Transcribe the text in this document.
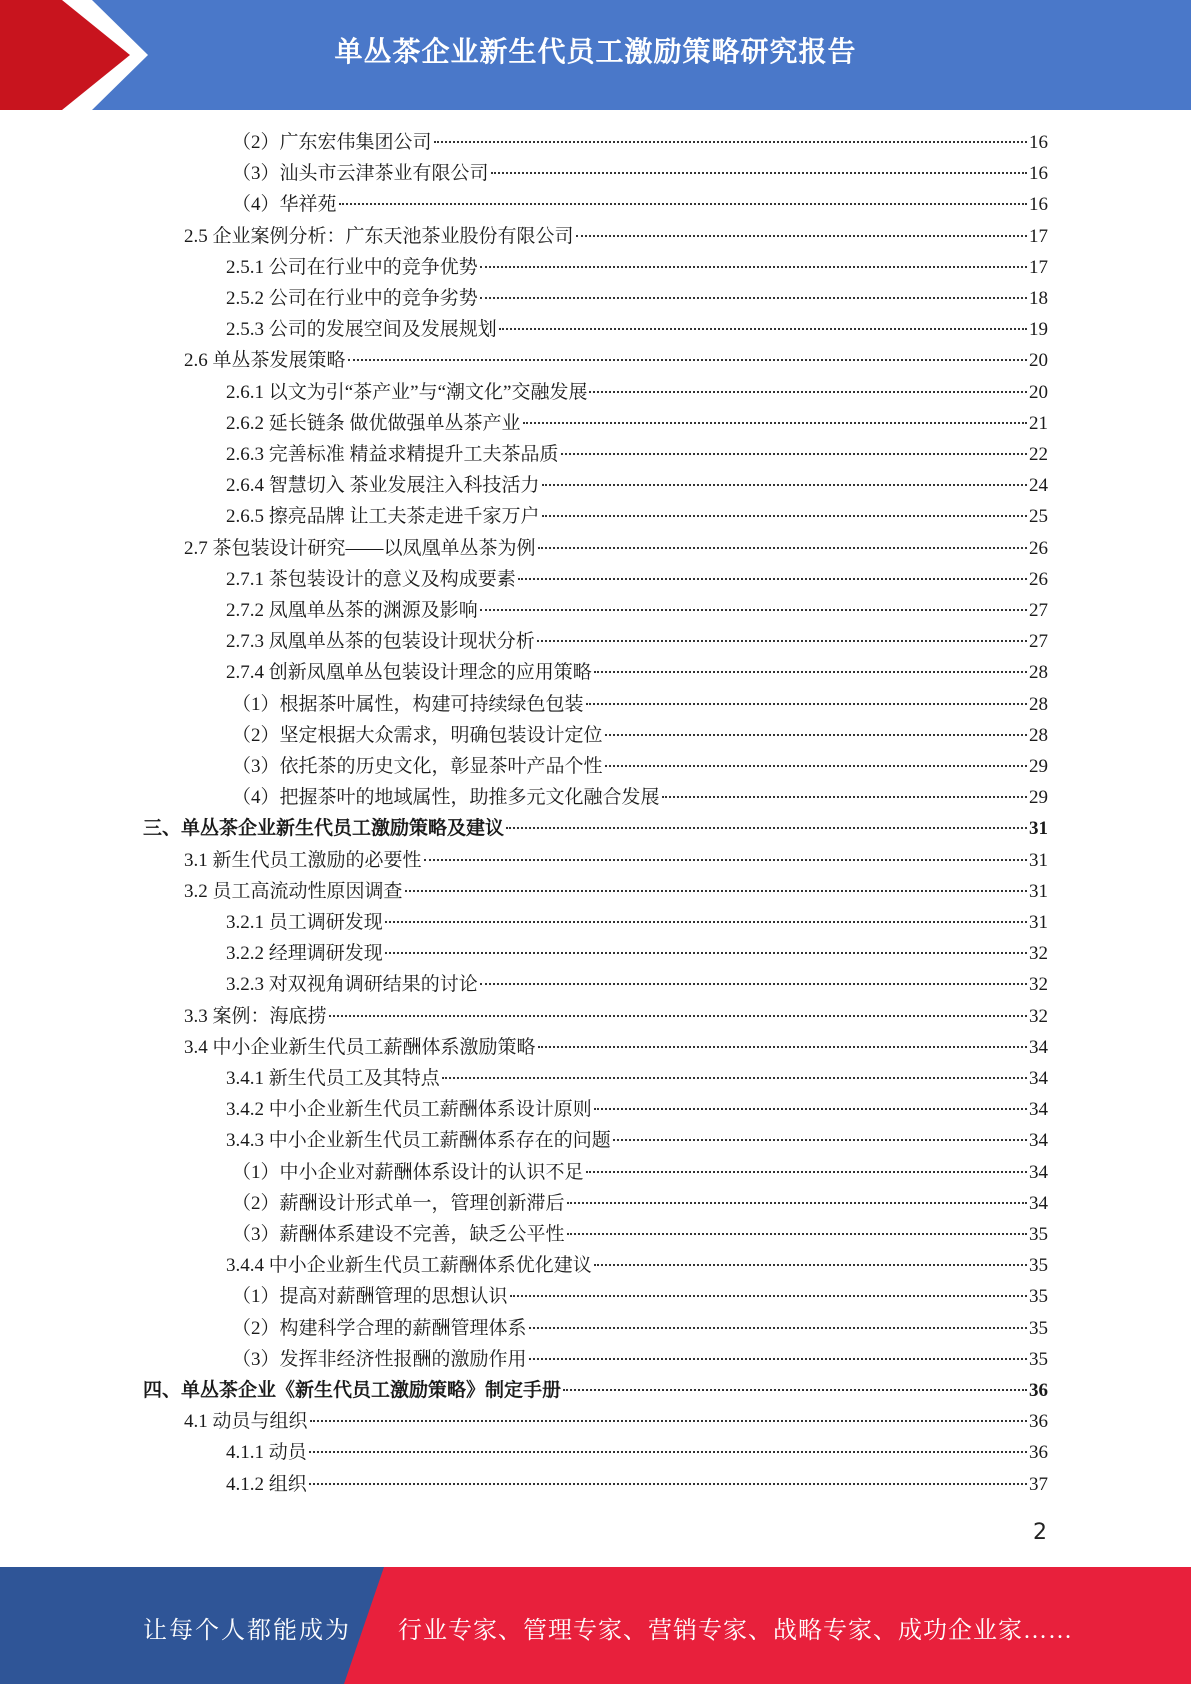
单丛茶企业新生代员工激励策略研究报告
（2）广东宏伟集团公司	16
（3）汕头市云津茶业有限公司	16
（4）华祥苑	16
2.5 企业案例分析：广东天池茶业股份有限公司	17
2.5.1 公司在行业中的竞争优势	17
2.5.2 公司在行业中的竞争劣势	18
2.5.3 公司的发展空间及发展规划	19
2.6 单丛茶发展策略	20
2.6.1 以文为引“茶产业”与“潮文化”交融发展	20
2.6.2 延长链条 做优做强单丛茶产业	21
2.6.3 完善标准 精益求精提升工夫茶品质	22
2.6.4 智慧切入 茶业发展注入科技活力	24
2.6.5 擦亮品牌 让工夫茶走进千家万户	25
2.7 茶包装设计研究——以凤凰单丛茶为例	26
2.7.1 茶包装设计的意义及构成要素	26
2.7.2 凤凰单丛茶的渊源及影响	27
2.7.3 凤凰单丛茶的包装设计现状分析	27
2.7.4 创新凤凰单丛包装设计理念的应用策略	28
（1）根据茶叶属性，构建可持续绿色包装	28
（2）坚定根据大众需求，明确包装设计定位	28
（3）依托茶的历史文化，彰显茶叶产品个性	29
（4）把握茶叶的地域属性，助推多元文化融合发展	29
三、单丛茶企业新生代员工激励策略及建议	31
3.1 新生代员工激励的必要性	31
3.2 员工高流动性原因调查	31
3.2.1 员工调研发现	31
3.2.2 经理调研发现	32
3.2.3 对双视角调研结果的讨论	32
3.3 案例：海底捞	32
3.4 中小企业新生代员工薪酬体系激励策略	34
3.4.1 新生代员工及其特点	34
3.4.2 中小企业新生代员工薪酬体系设计原则	34
3.4.3 中小企业新生代员工薪酬体系存在的问题	34
（1）中小企业对薪酬体系设计的认识不足	34
（2）薪酬设计形式单一，管理创新滞后	34
（3）薪酬体系建设不完善，缺乏公平性	35
3.4.4 中小企业新生代员工薪酬体系优化建议	35
（1）提高对薪酬管理的思想认识	35
（2）构建科学合理的薪酬管理体系	35
（3）发挥非经济性报酬的激励作用	35
四、单丛茶企业《新生代员工激励策略》制定手册	36
4.1 动员与组织	36
4.1.1 动员	36
4.1.2 组织	37
2
让每个人都能成为 行业专家、管理专家、营销专家、战略专家、成功企业家……
